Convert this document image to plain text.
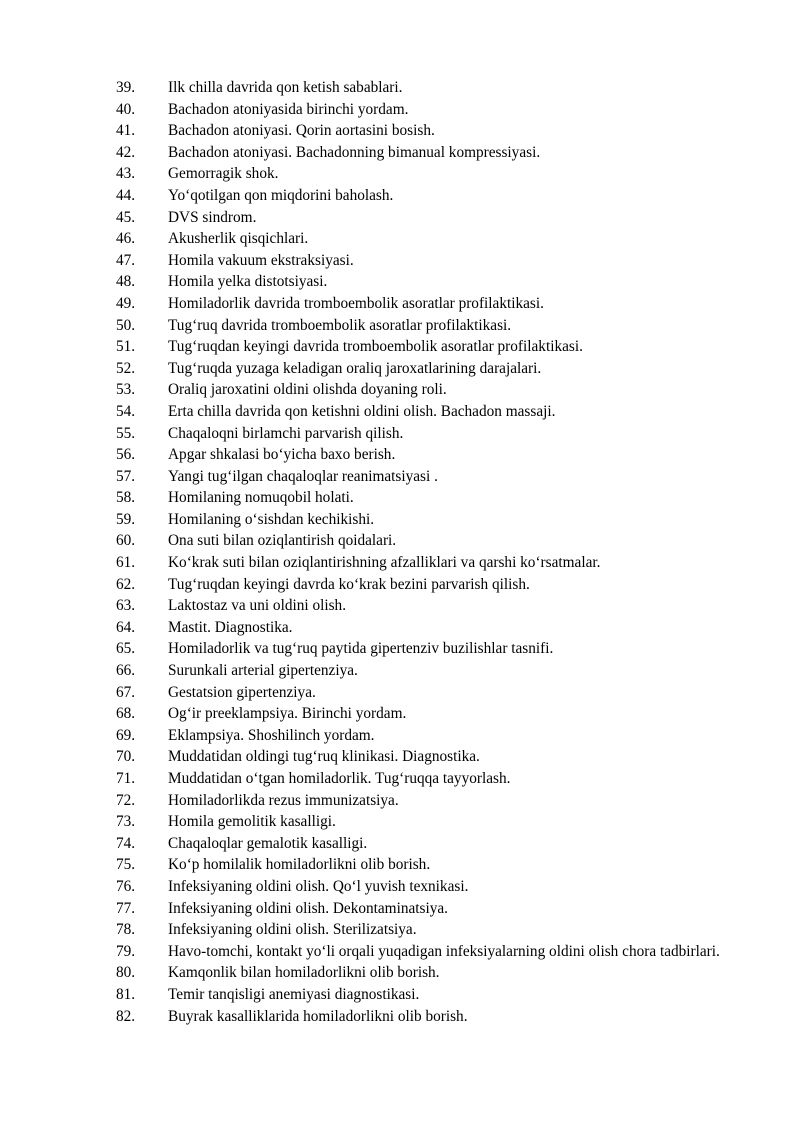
39.	Ilk chilla davrida qon ketish sabablari.
40.	Bachadon atoniyasida birinchi yordam.
41.	Bachadon atoniyasi. Qorin aortasini bosish.
42.	Bachadon atoniyasi. Bachadonning bimanual kompressiyasi.
43.	Gemorragik shok.
44.	Yo‘qotilgan qon miqdorini baholash.
45.	DVS sindrom.
46.	Akusherlik qisqichlari.
47.	Homila vakuum ekstraksiyasi.
48.	Homila yelka distotsiyasi.
49.	Homiladorlik davrida tromboembolik asoratlar profilaktikasi.
50.	Tug‘ruq davrida tromboembolik asoratlar profilaktikasi.
51.	Tug‘ruqdan keyingi davrida tromboembolik asoratlar profilaktikasi.
52.	Tug‘ruqda yuzaga keladigan oraliq jaroxatlarining darajalari.
53.	Oraliq jaroxatini oldini olishda doyaning roli.
54.	Erta chilla davrida qon ketishni oldini olish. Bachadon massaji.
55.	Chaqaloqni birlamchi parvarish qilish.
56.	Apgar shkalasi bo‘yicha baxo berish.
57.	Yangi tug‘ilgan chaqaloqlar reanimatsiyasi .
58.	Homilaning nomuqobil holati.
59.	Homilaning o‘sishdan kechikishi.
60.	Ona suti bilan oziqlantirish qoidalari.
61.	Ko‘krak suti bilan oziqlantirishning afzalliklari va qarshi ko‘rsatmalar.
62.	Tug‘ruqdan keyingi davrda ko‘krak bezini parvarish qilish.
63.	Laktostaz va uni oldini olish.
64.	Mastit. Diagnostika.
65.	Homiladorlik va tug‘ruq paytida gipertenziv buzilishlar tasnifi.
66.	Surunkali arterial gipertenziya.
67.	Gestatsion gipertenziya.
68.	Og‘ir preeklampsiya. Birinchi yordam.
69.	Eklampsiya. Shoshilinch yordam.
70.	Muddatidan oldingi tug‘ruq klinikasi. Diagnostika.
71.	Muddatidan o‘tgan homiladorlik. Tug‘ruqqa tayyorlash.
72.	Homiladorlikda rezus immunizatsiya.
73.	Homila gemolitik kasalligi.
74.	Chaqaloqlar gemalotik kasalligi.
75.	Ko‘p homilalik homiladorlikni olib borish.
76.	Infeksiyaning oldini olish. Qo‘l yuvish texnikasi.
77.	Infeksiyaning oldini olish. Dekontaminatsiya.
78.	Infeksiyaning oldini olish. Sterilizatsiya.
79.	Havo-tomchi, kontakt yo‘li orqali yuqadigan infeksiyalarning oldini olish chora tadbirlari.
80.	Kamqonlik bilan homiladorlikni olib borish.
81.	Temir tanqisligi anemiyasi diagnostikasi.
82.	Buyrak kasalliklarida homiladorlikni olib borish.
